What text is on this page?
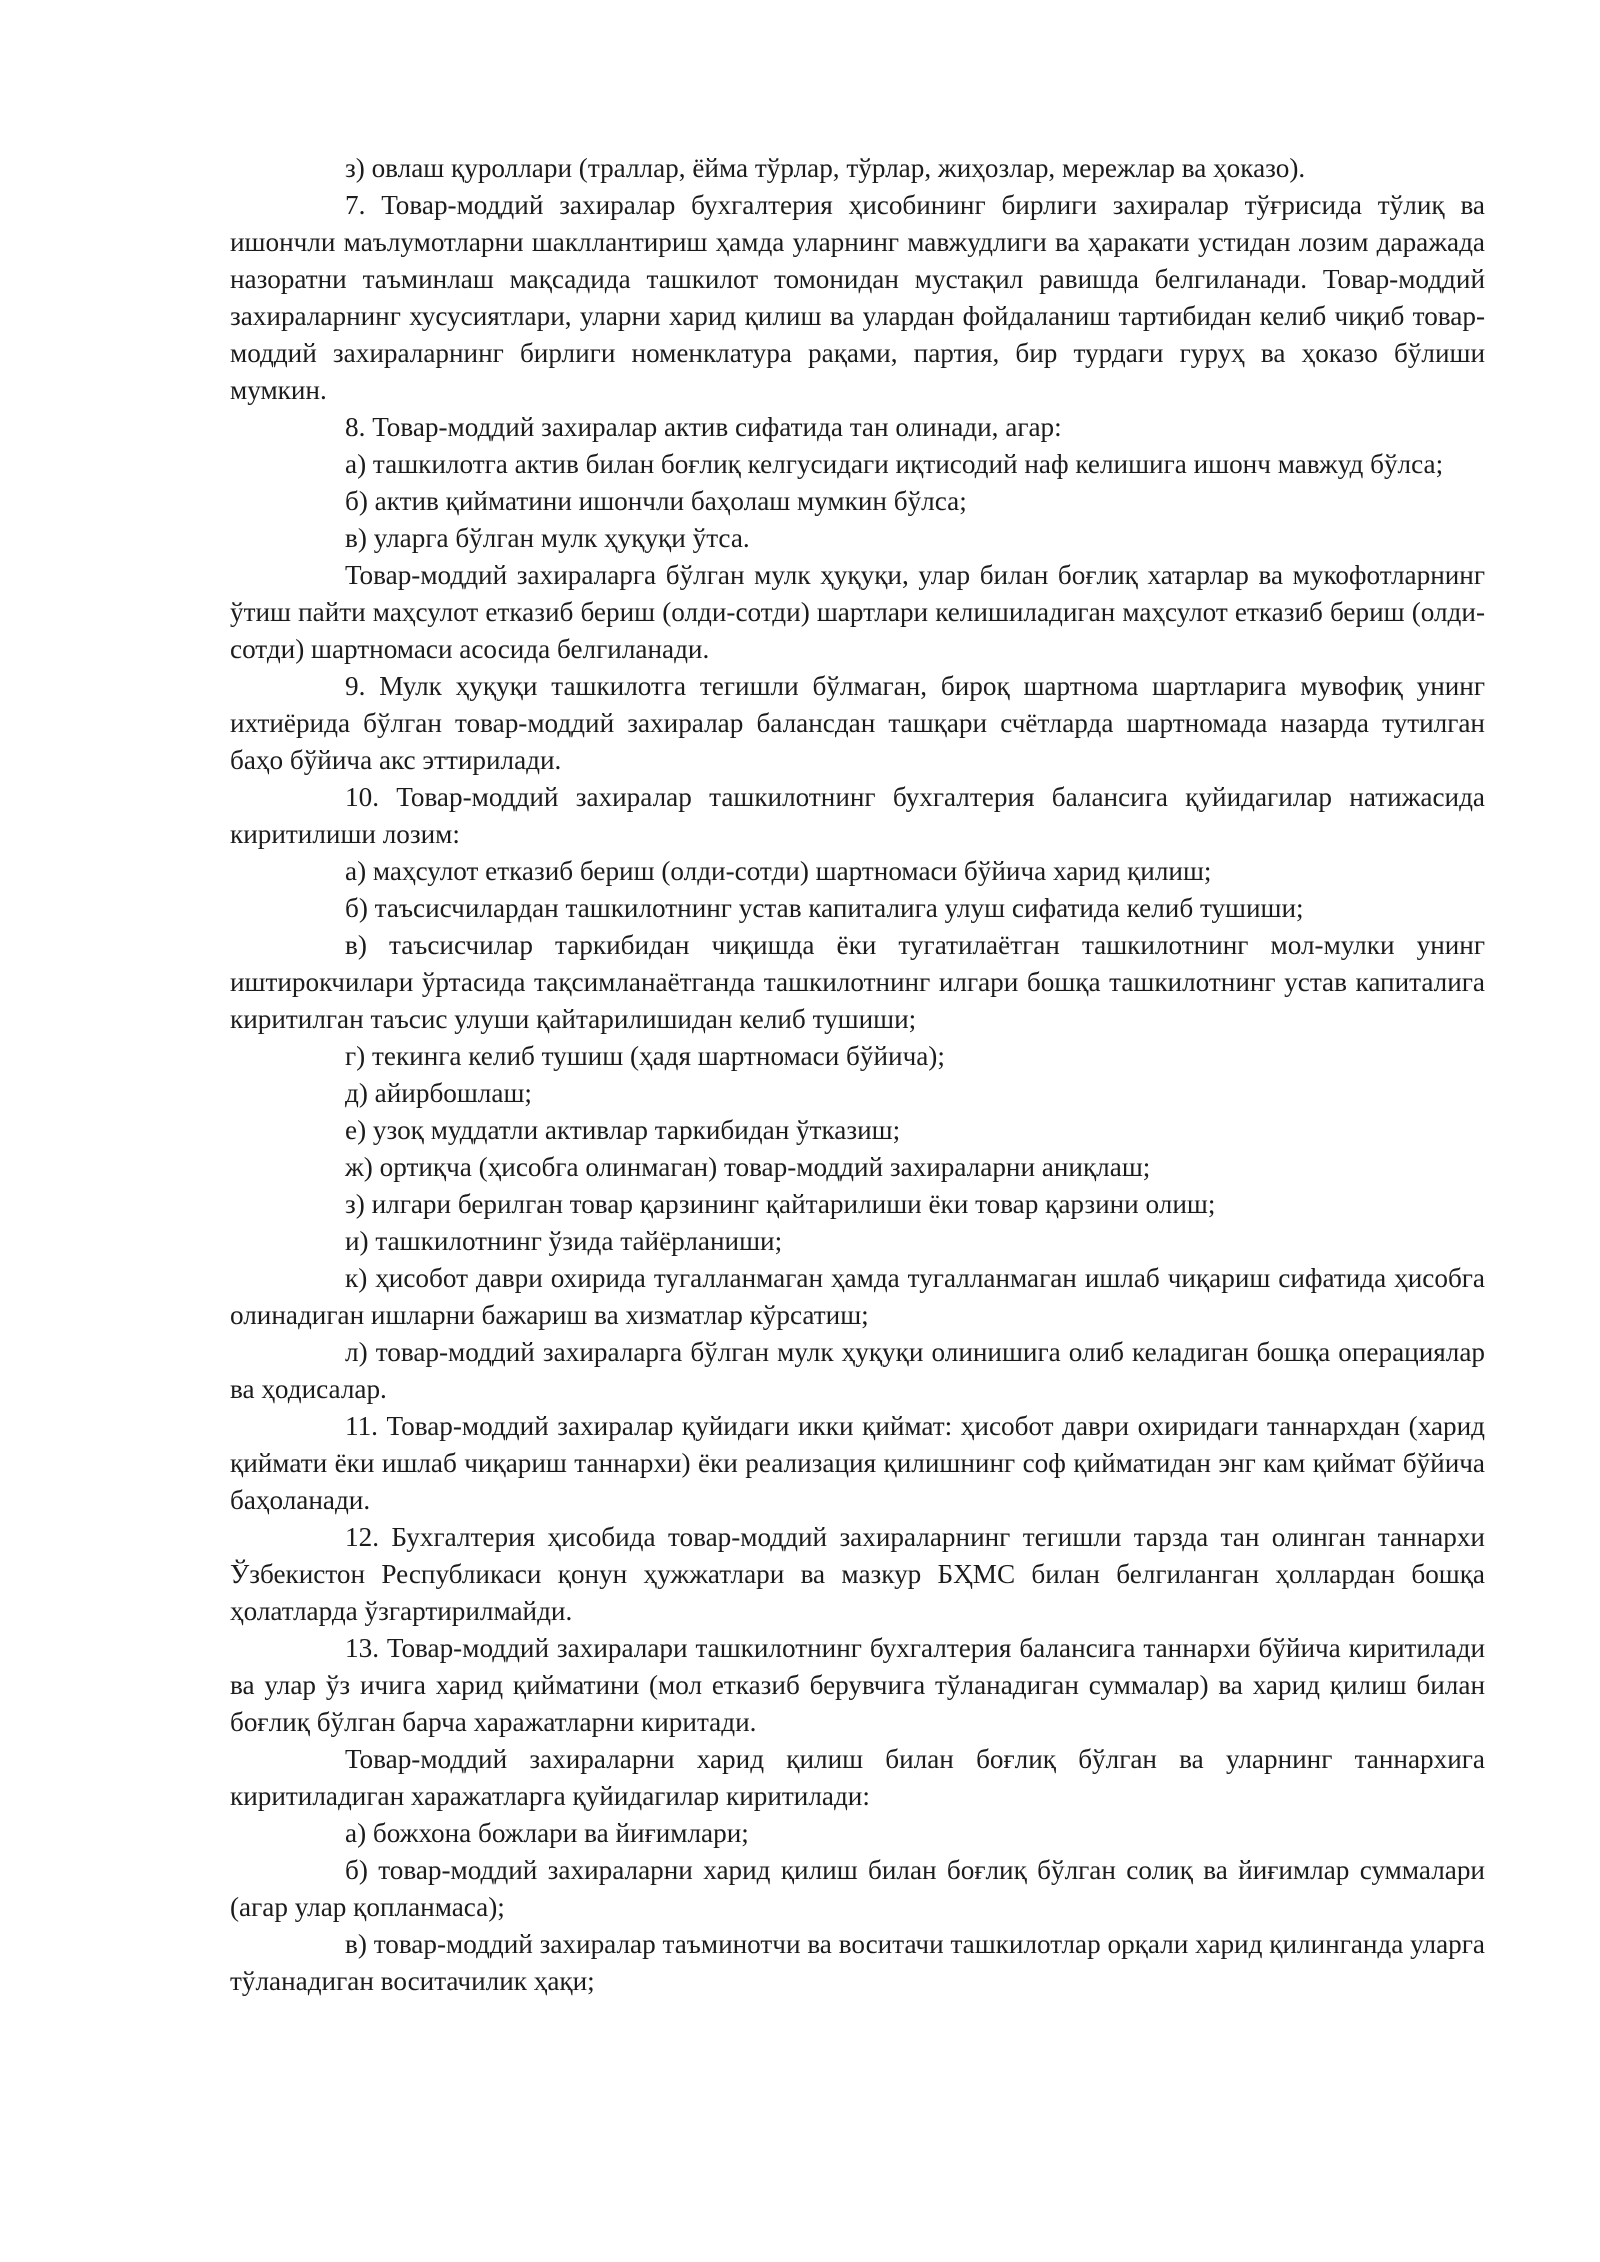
з) овлаш қуроллари (траллар, ёйма тўрлар, тўрлар, жиҳозлар, мережлар ва ҳоказо).

7. Товар-моддий захиралар бухгалтерия ҳисобининг бирлиги захиралар тўғрисида тўлиқ ва ишончли маълумотларни шакллантириш ҳамда уларнинг мавжудлиги ва ҳаракати устидан лозим даражада назоратни таъминлаш мақсадида ташкилот томонидан мустақил равишда белгиланади. Товар-моддий захираларнинг хусусиятлари, уларни харид қилиш ва улардан фойдаланиш тартибидан келиб чиқиб товар-моддий захираларнинг бирлиги номенклатура рақами, партия, бир турдаги гуруҳ ва ҳоказо бўлиши мумкин.

8. Товар-моддий захиралар актив сифатида тан олинади, агар:

а) ташкилотга актив билан боғлиқ келгусидаги иқтисодий наф келишига ишонч мавжуд бўлса;

б) актив қийматини ишончли баҳолаш мумкин бўлса;

в) уларга бўлган мулк ҳуқуқи ўтса.

Товар-моддий захираларга бўлган мулк ҳуқуқи, улар билан боғлиқ хатарлар ва мукофотларнинг ўтиш пайти маҳсулот етказиб бериш (олди-сотди) шартлари келишиладиган маҳсулот етказиб бериш (олди-сотди) шартномаси асосида белгиланади.

9. Мулк ҳуқуқи ташкилотга тегишли бўлмаган, бироқ шартнома шартларига мувофиқ унинг ихтиёрида бўлган товар-моддий захиралар балансдан ташқари счётларда шартномада назарда тутилган баҳо бўйича акс эттирилади.

10. Товар-моддий захиралар ташкилотнинг бухгалтерия балансига қуйидагилар натижасида киритилиши лозим:

а) маҳсулот етказиб бериш (олди-сотди) шартномаси бўйича харид қилиш;

б) таъсисчилардан ташкилотнинг устав капиталига улуш сифатида келиб тушиши;

в) таъсисчилар таркибидан чиқишда ёки тугатилаётган ташкилотнинг мол-мулки унинг иштирокчилари ўртасида тақсимланаётганда ташкилотнинг илгари бошқа ташкилотнинг устав капиталига киритилган таъсис улуши қайтарилишидан келиб тушиши;

г) текинга келиб тушиш (ҳадя шартномаси бўйича);

д) айирбошлаш;

е) узоқ муддатли активлар таркибидан ўтказиш;

ж) ортиқча (ҳисобга олинмаган) товар-моддий захираларни аниқлаш;

з) илгари берилган товар қарзининг қайтарилиши ёки товар қарзини олиш;

и) ташкилотнинг ўзида тайёрланиши;

к) ҳисобот даври охирида тугалланмаган ҳамда тугалланмаган ишлаб чиқариш сифатида ҳисобга олинадиган ишларни бажариш ва хизматлар кўрсатиш;

л) товар-моддий захираларга бўлган мулк ҳуқуқи олинишига олиб келадиган бошқа операциялар ва ҳодисалар.

11. Товар-моддий захиралар қуйидаги икки қиймат: ҳисобот даври охиридаги таннархдан (харид қиймати ёки ишлаб чиқариш таннархи) ёки реализация қилишнинг соф қийматидан энг кам қиймат бўйича баҳоланади.

12. Бухгалтерия ҳисобида товар-моддий захираларнинг тегишли тарзда тан олинган таннархи Ўзбекистон Республикаси қонун ҳужжатлари ва мазкур БҲМС билан белгиланган ҳоллардан бошқа ҳолатларда ўзгартирилмайди.

13. Товар-моддий захиралари ташкилотнинг бухгалтерия балансига таннархи бўйича киритилади ва улар ўз ичига харид қийматини (мол етказиб берувчига тўланадиган суммалар) ва харид қилиш билан боғлиқ бўлган барча харажатларни киритади.

Товар-моддий захираларни харид қилиш билан боғлиқ бўлган ва уларнинг таннархига киритиладиган харажатларга қуйидагилар киритилади:

а) божхона божлари ва йиғимлари;

б) товар-моддий захираларни харид қилиш билан боғлиқ бўлган солиқ ва йиғимлар суммалари (агар улар қопланмаса);

в) товар-моддий захиралар таъминотчи ва воситачи ташкилотлар орқали харид қилинганда уларга тўланадиган воситачилик ҳақи;
